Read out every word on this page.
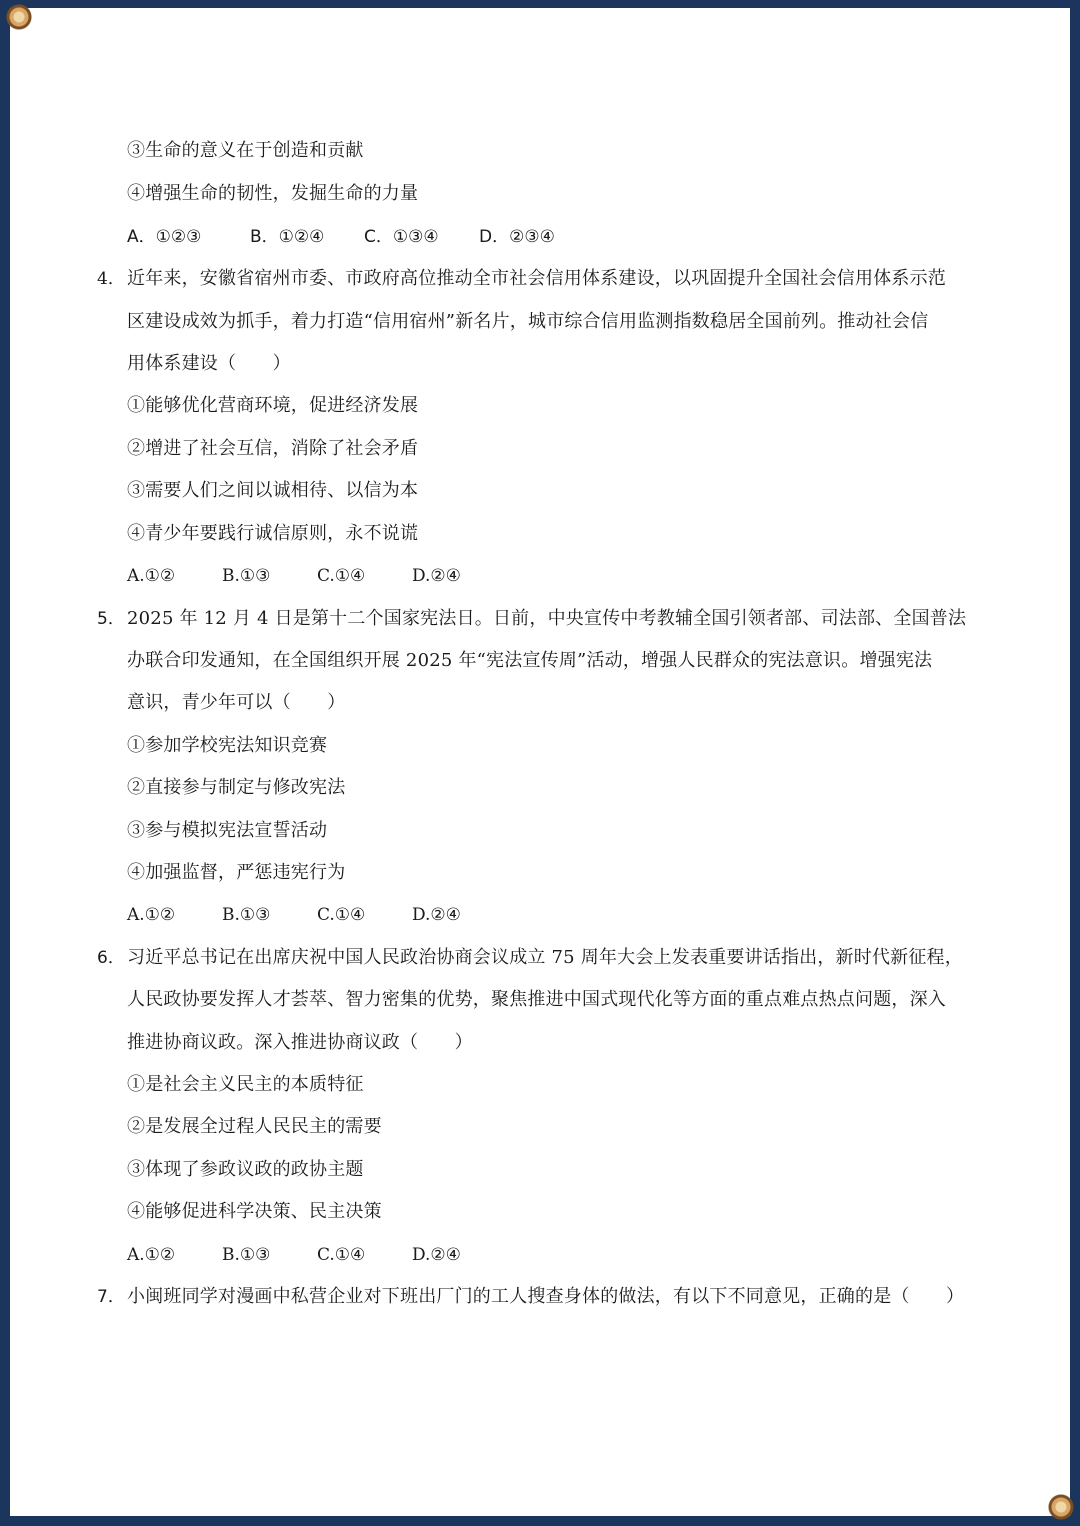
③生命的意义在于创造和贡献
④增强生命的韧性，发掘生命的力量
A．①②③	B．①②④ C．①③④ D．②③④
4． 近年来，安徽省宿州市委、市政府高位推动全市社会信用体系建设，以巩固提升全国社会信用体系示范
区建设成效为抓手，着力打造“信用宿州”新名片，城市综合信用监测指数稳居全国前列。推动社会信
用体系建设（　　）
①能够优化营商环境，促进经济发展
②增进了社会互信，消除了社会矛盾
③需要人们之间以诚相待、以信为本
④青少年要践行诚信原则，永不说谎
A.①②	B.①③	C.①④	D.②④
5． 2025 年 12 月 4 日是第十二个国家宪法日。日前，中央宣传中考教辅全国引领者部、司法部、全国普法
办联合印发通知，在全国组织开展 2025 年“宪法宣传周”活动，增强人民群众的宪法意识。增强宪法
意识，青少年可以（　　）
①参加学校宪法知识竞赛
②直接参与制定与修改宪法
③参与模拟宪法宣誓活动
④加强监督，严惩违宪行为
A.①②	B.①③	C.①④	D.②④
6． 习近平总书记在出席庆祝中国人民政治协商会议成立 75 周年大会上发表重要讲话指出，新时代新征程，
人民政协要发挥人才荟萃、智力密集的优势，聚焦推进中国式现代化等方面的重点难点热点问题，深入
推进协商议政。深入推进协商议政（　　）
①是社会主义民主的本质特征
②是发展全过程人民民主的需要
③体现了参政议政的政协主题
④能够促进科学决策、民主决策
A.①②	B.①③	C.①④	D.②④
7． 小闽班同学对漫画中私营企业对下班出厂门的工人搜查身体的做法，有以下不同意见，正确的是（　　）
